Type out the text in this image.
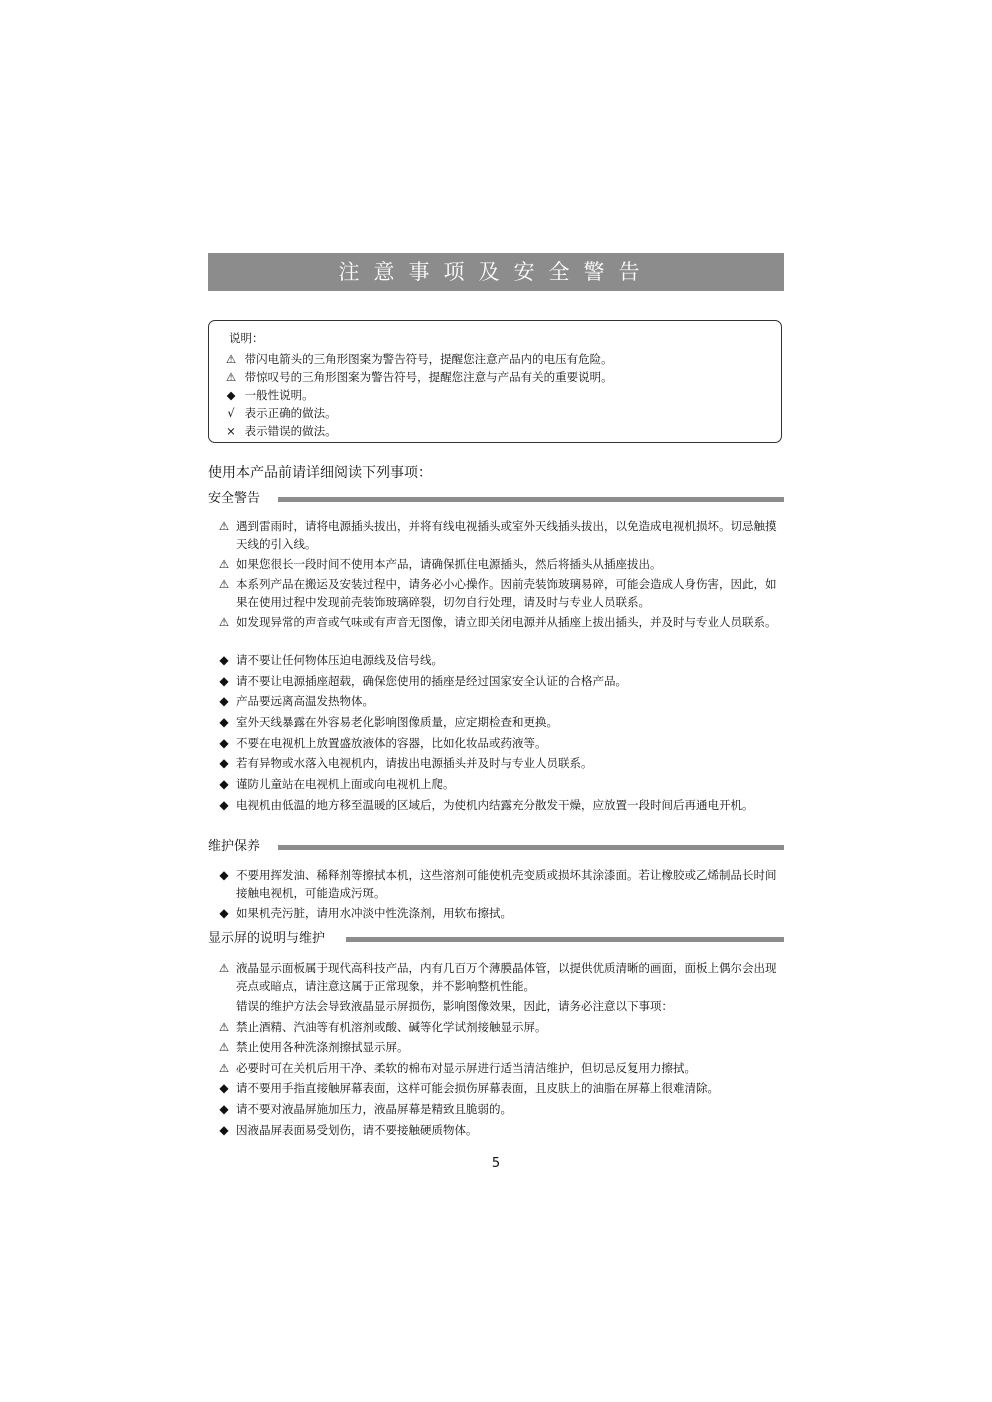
注意事项及安全警告
说明：
⚠ 带闪电箭头的三角形图案为警告符号，提醒您注意产品内的电压有危险。
⚠ 带惊叹号的三角形图案为警告符号，提醒您注意与产品有关的重要说明。
◆ 一般性说明。
√ 表示正确的做法。
× 表示错误的做法。
使用本产品前请详细阅读下列事项：
安全警告
⚠ 遇到雷雨时，请将电源插头拔出，并将有线电视插头或室外天线插头拔出，以免造成电视机损坏。切忌触摸天线的引入线。
⚠ 如果您很长一段时间不使用本产品，请确保抓住电源插头，然后将插头从插座拔出。
⚠ 本系列产品在搬运及安装过程中，请务必小心操作。因前壳装饰玻璃易碎，可能会造成人身伤害，因此，如果在使用过程中发现前壳装饰玻璃碎裂，切勿自行处理，请及时与专业人员联系。
⚠ 如发现异常的声音或气味或有声音无图像，请立即关闭电源并从插座上拔出插头，并及时与专业人员联系。
◆ 请不要让任何物体压迫电源线及信号线。
◆ 请不要让电源插座超载，确保您使用的插座是经过国家安全认证的合格产品。
◆ 产品要远离高温发热物体。
◆ 室外天线暴露在外容易老化影响图像质量，应定期检查和更换。
◆ 不要在电视机上放置盛放液体的容器，比如化妆品或药液等。
◆ 若有异物或水落入电视机内，请拔出电源插头并及时与专业人员联系。
◆ 谨防儿童站在电视机上面或向电视机上爬。
◆ 电视机由低温的地方移至温暖的区域后，为使机内结露充分散发干燥，应放置一段时间后再通电开机。
维护保养
◆ 不要用挥发油、稀释剂等擦拭本机，这些溶剂可能使机壳变质或损坏其涂漆面。若让橡胶或乙烯制品长时间接触电视机，可能造成污斑。
◆ 如果机壳污脏，请用水冲淡中性洗涤剂，用软布擦拭。
显示屏的说明与维护
⚠ 液晶显示面板属于现代高科技产品，内有几百万个薄膜晶体管，以提供优质清晰的画面，面板上偶尔会出现亮点或暗点，请注意这属于正常现象，并不影响整机性能。
错误的维护方法会导致液晶显示屏损伤，影响图像效果，因此，请务必注意以下事项：
⚠ 禁止酒精、汽油等有机溶剂或酸、碱等化学试剂接触显示屏。
⚠ 禁止使用各种洗涤剂擦拭显示屏。
⚠ 必要时可在关机后用干净、柔软的棉布对显示屏进行适当清洁维护，但切忌反复用力擦拭。
◆ 请不要用手指直接触屏幕表面，这样可能会损伤屏幕表面，且皮肤上的油脂在屏幕上很难清除。
◆ 请不要对液晶屏施加压力，液晶屏幕是精致且脆弱的。
◆ 因液晶屏表面易受划伤，请不要接触硬质物体。
5
